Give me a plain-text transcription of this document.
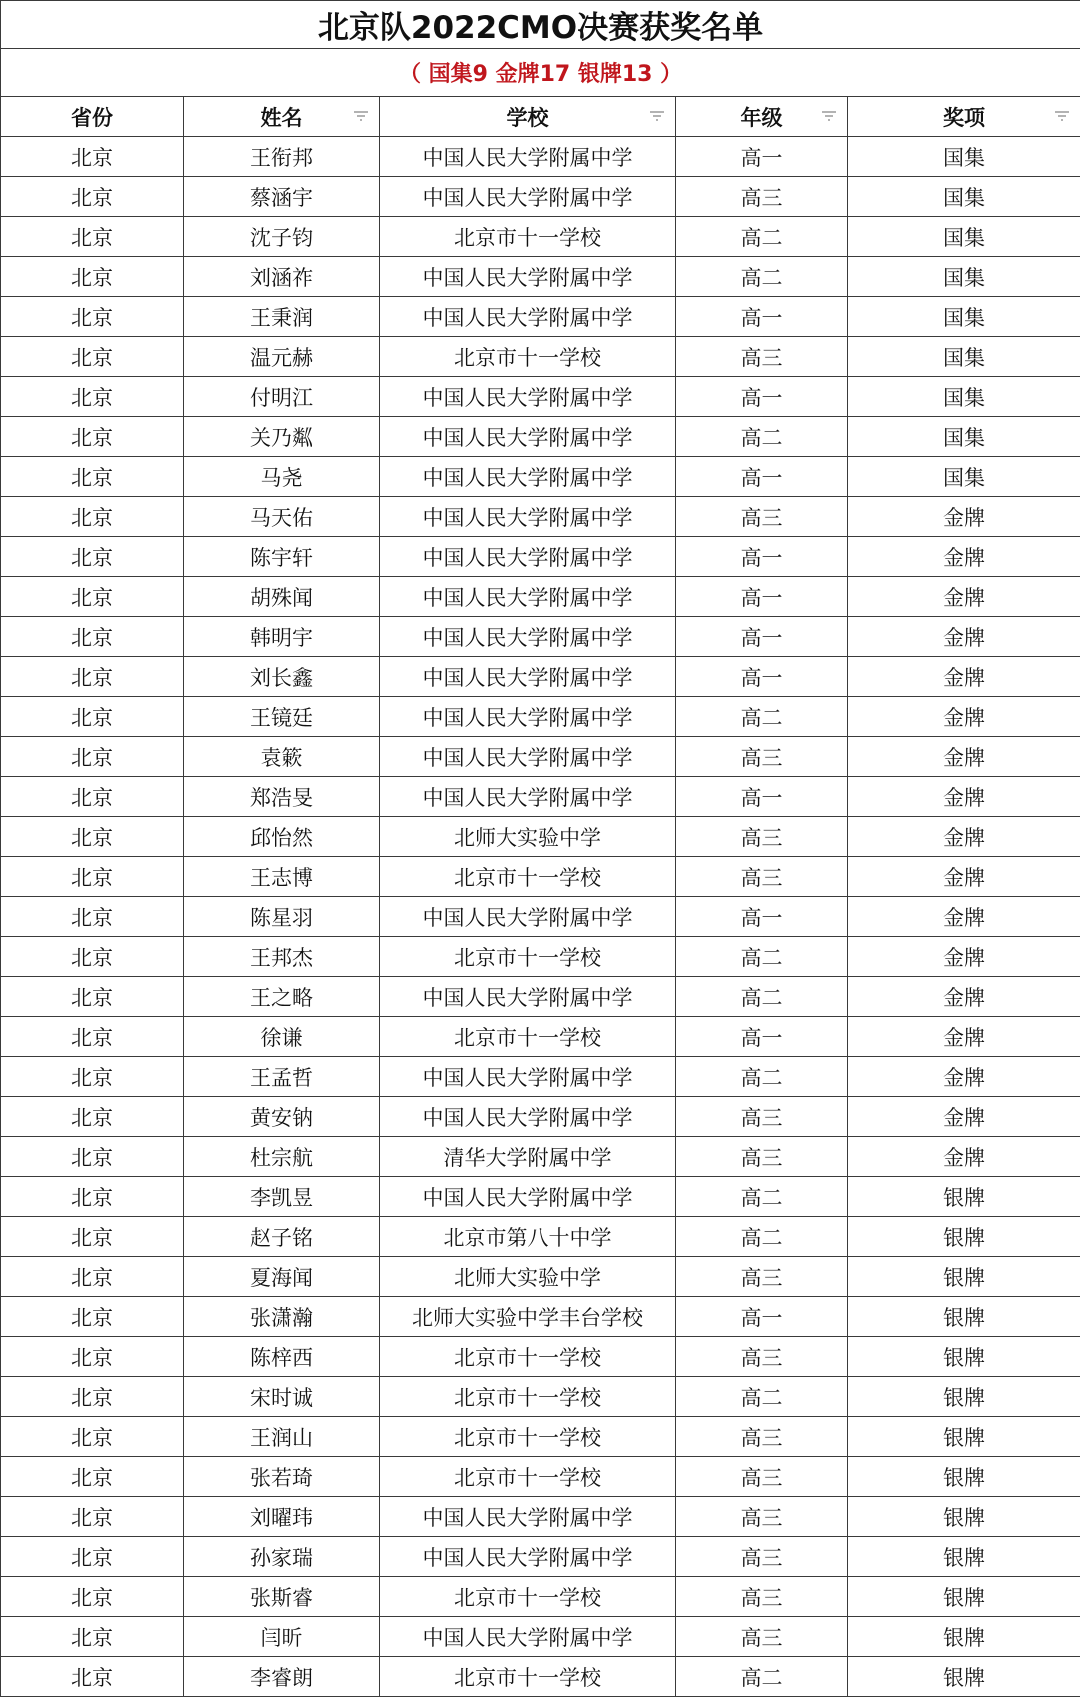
北京队2022CMO决赛获奖名单				
（ 国集9 金牌17 银牌13 ）				
省份	姓名	学校	年级	奖项

北京	王衔邦	中国人民大学附属中学	高一	国集
北京	蔡涵宇	中国人民大学附属中学	高三	国集
北京	沈子钧	北京市十一学校	高二	国集
北京	刘涵祚	中国人民大学附属中学	高二	国集
北京	王秉润	中国人民大学附属中学	高一	国集
北京	温元赫	北京市十一学校	高三	国集
北京	付明江	中国人民大学附属中学	高一	国集
北京	关乃粼	中国人民大学附属中学	高二	国集
北京	马尧	中国人民大学附属中学	高一	国集
北京	马天佑	中国人民大学附属中学	高三	金牌
北京	陈宇轩	中国人民大学附属中学	高一	金牌
北京	胡殊闻	中国人民大学附属中学	高一	金牌
北京	韩明宇	中国人民大学附属中学	高一	金牌
北京	刘长鑫	中国人民大学附属中学	高一	金牌
北京	王镜廷	中国人民大学附属中学	高二	金牌
北京	袁簌	中国人民大学附属中学	高三	金牌
北京	郑浩旻	中国人民大学附属中学	高一	金牌
北京	邱怡然	北师大实验中学	高三	金牌
北京	王志博	北京市十一学校	高三	金牌
北京	陈星羽	中国人民大学附属中学	高一	金牌
北京	王邦杰	北京市十一学校	高二	金牌
北京	王之略	中国人民大学附属中学	高二	金牌
北京	徐谦	北京市十一学校	高一	金牌
北京	王孟哲	中国人民大学附属中学	高二	金牌
北京	黄安钠	中国人民大学附属中学	高三	金牌
北京	杜宗航	清华大学附属中学	高三	金牌
北京	李凯昱	中国人民大学附属中学	高二	银牌
北京	赵子铭	北京市第八十中学	高二	银牌
北京	夏海闻	北师大实验中学	高三	银牌
北京	张潇瀚	北师大实验中学丰台学校	高一	银牌
北京	陈梓西	北京市十一学校	高三	银牌
北京	宋时诚	北京市十一学校	高二	银牌
北京	王润山	北京市十一学校	高三	银牌
北京	张若琦	北京市十一学校	高三	银牌
北京	刘曜玮	中国人民大学附属中学	高三	银牌
北京	孙家瑞	中国人民大学附属中学	高三	银牌
北京	张斯睿	北京市十一学校	高三	银牌
北京	闫昕	中国人民大学附属中学	高三	银牌
北京	李睿朗	北京市十一学校	高二	银牌
